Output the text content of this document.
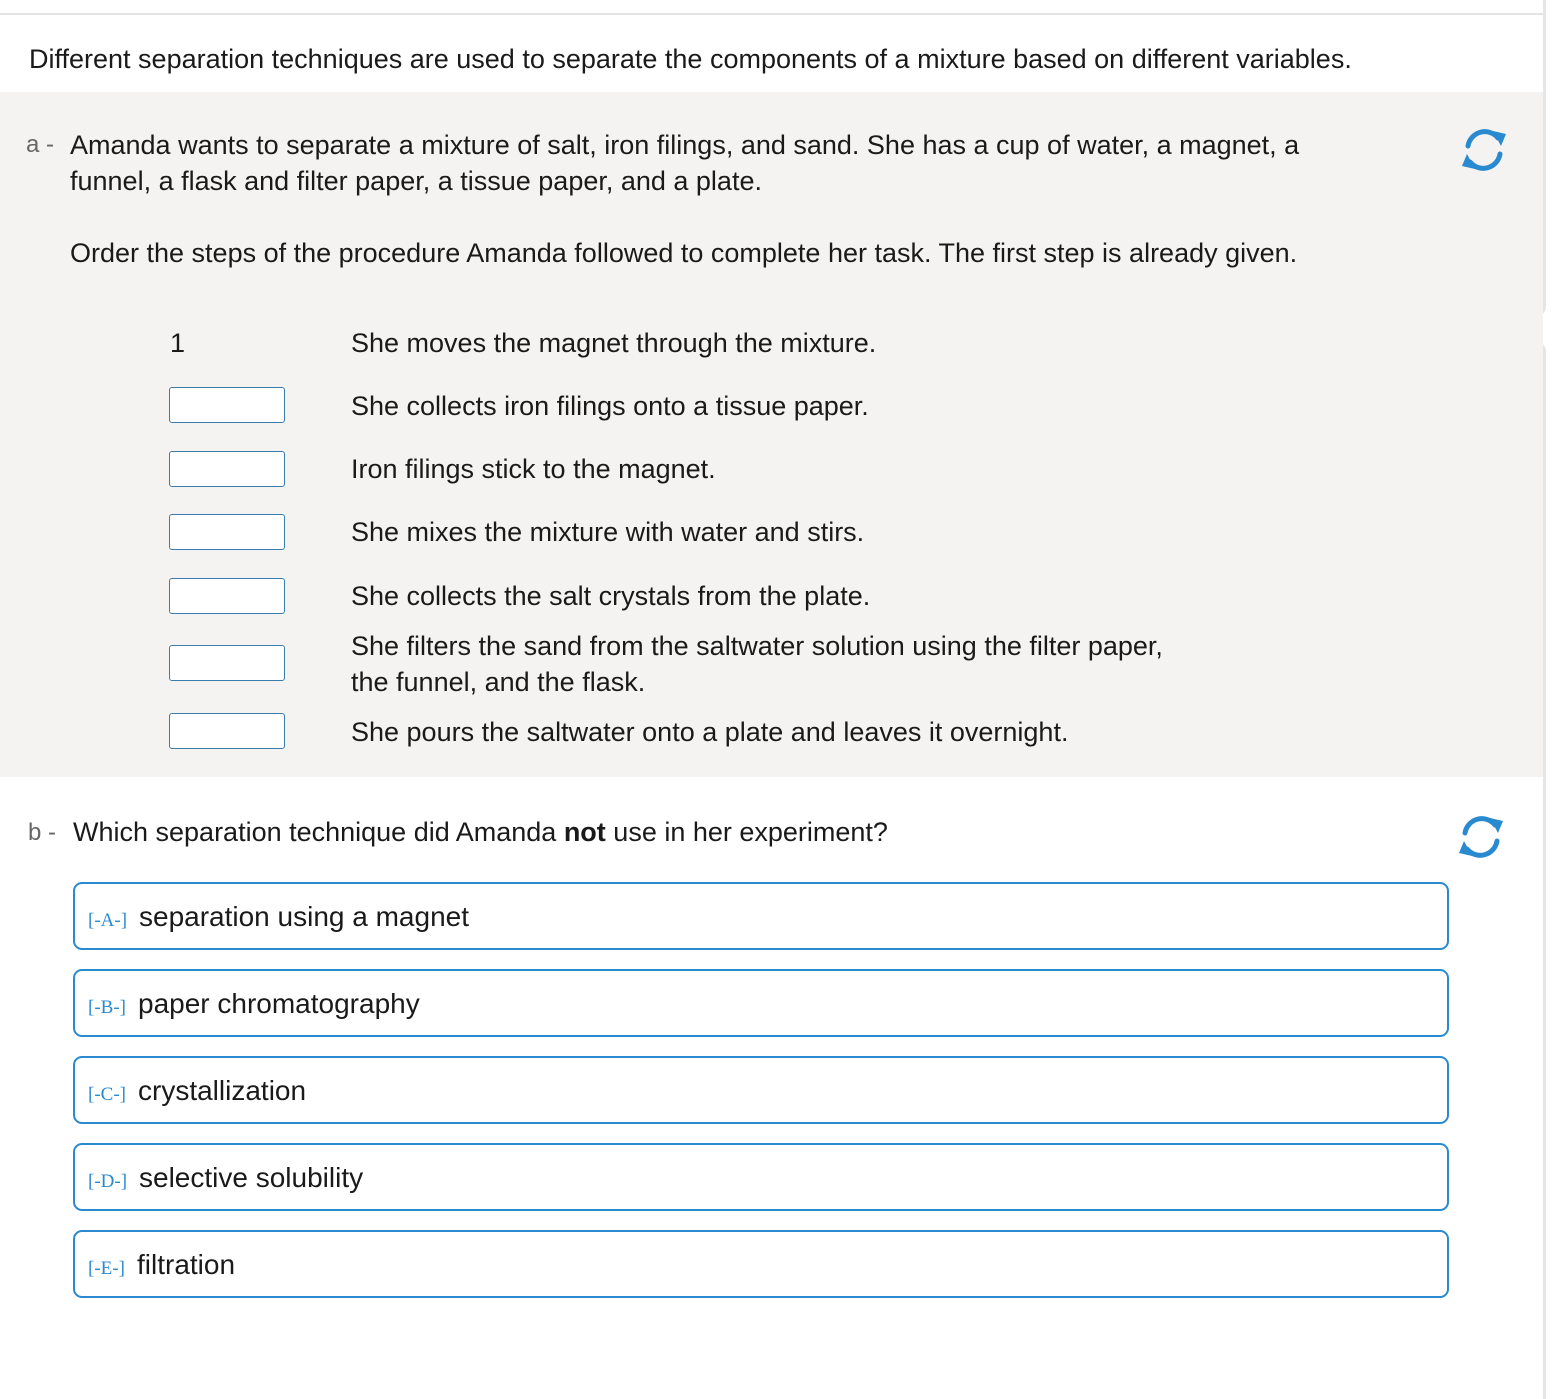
Different separation techniques are used to separate the components of a mixture based on different variables.
a - Amanda wants to separate a mixture of salt, iron filings, and sand. She has a cup of water, a magnet, a
funnel, a flask and filter paper, a tissue paper, and a plate.
Order the steps of the procedure Amanda followed to complete her task. The first step is already given.
1	She moves the magnet through the mixture.
She collects iron filings onto a tissue paper.
Iron filings stick to the magnet.
She mixes the mixture with water and stirs.
She collects the salt crystals from the plate.
She filters the sand from the saltwater solution using the filter paper, the funnel, and the flask.
She pours the saltwater onto a plate and leaves it overnight.
b - Which separation technique did Amanda not use in her experiment?
[-A-] separation using a magnet
[-B-] paper chromatography
[-C-] crystallization
[-D-] selective solubility
[-E-] filtration
